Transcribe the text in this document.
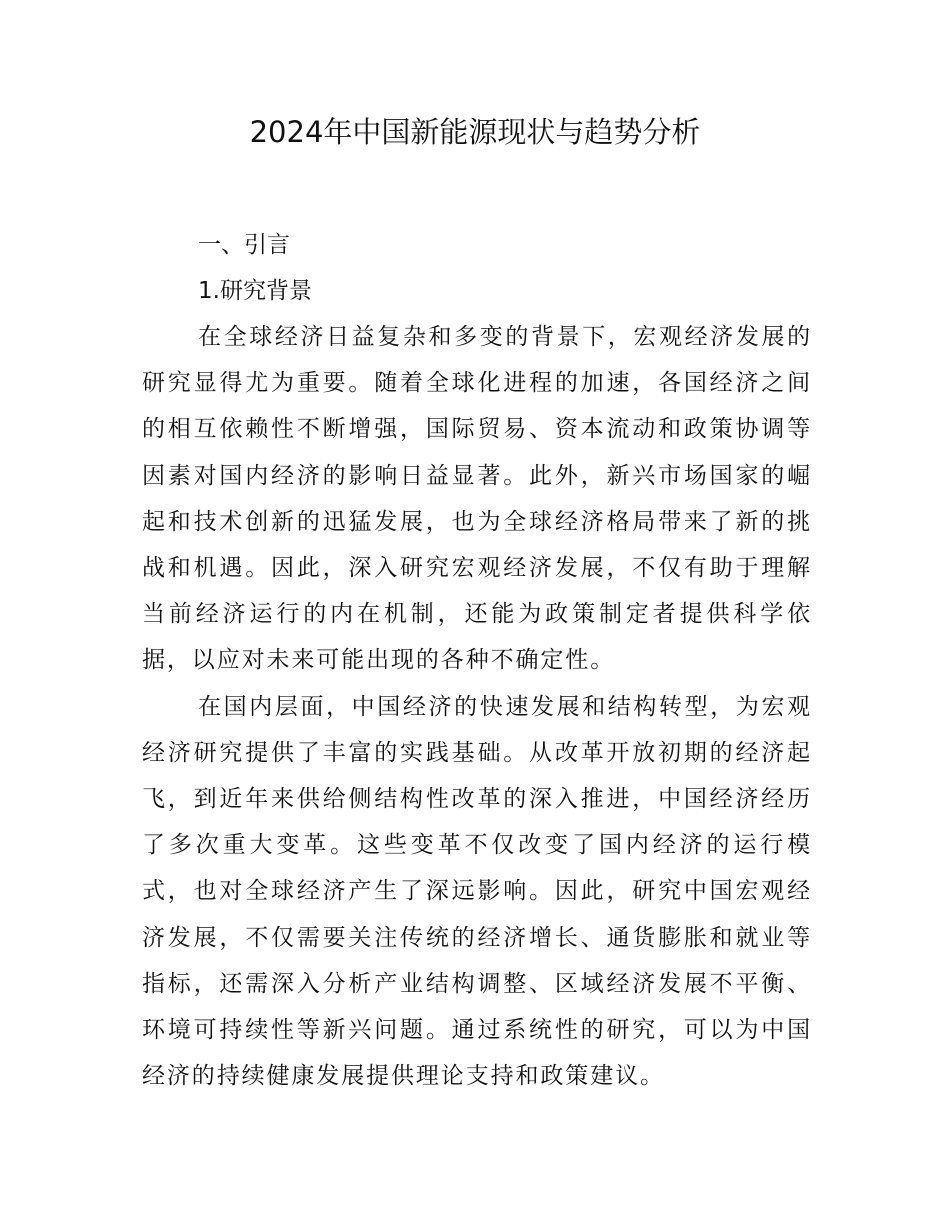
2024年中国新能源现状与趋势分析

一、引言

1.研究背景

在全球经济日益复杂和多变的背景下，宏观经济发展的研究显得尤为重要。随着全球化进程的加速，各国经济之间的相互依赖性不断增强，国际贸易、资本流动和政策协调等因素对国内经济的影响日益显著。此外，新兴市场国家的崛起和技术创新的迅猛发展，也为全球经济格局带来了新的挑战和机遇。因此，深入研究宏观经济发展，不仅有助于理解当前经济运行的内在机制，还能为政策制定者提供科学依据，以应对未来可能出现的各种不确定性。

在国内层面，中国经济的快速发展和结构转型，为宏观经济研究提供了丰富的实践基础。从改革开放初期的经济起飞，到近年来供给侧结构性改革的深入推进，中国经济经历了多次重大变革。这些变革不仅改变了国内经济的运行模式，也对全球经济产生了深远影响。因此，研究中国宏观经济发展，不仅需要关注传统的经济增长、通货膨胀和就业等指标，还需深入分析产业结构调整、区域经济发展不平衡、环境可持续性等新兴问题。通过系统性的研究，可以为中国经济的持续健康发展提供理论支持和政策建议。
